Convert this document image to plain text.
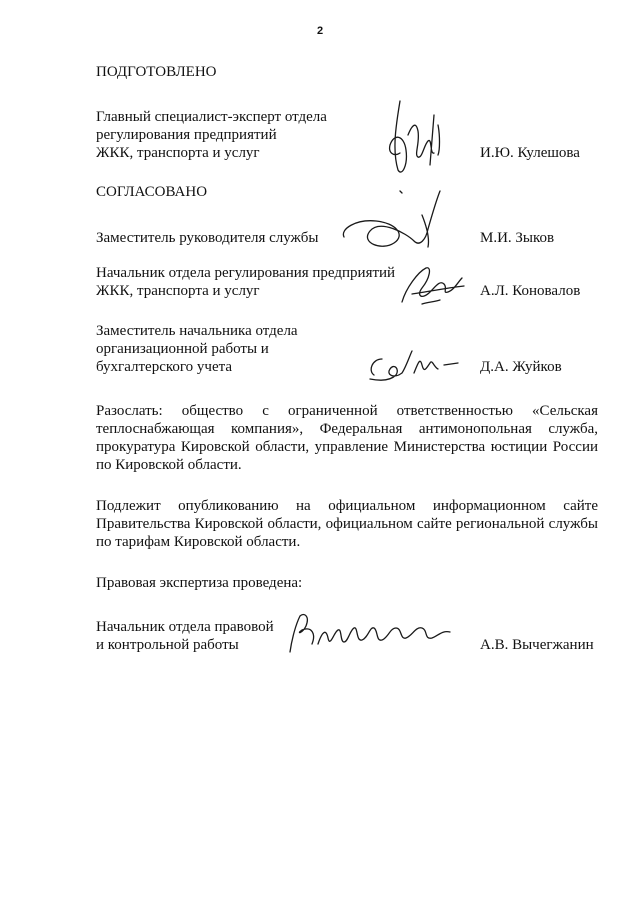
2
ПОДГОТОВЛЕНО
Главный специалист-эксперт отдела
регулирования предприятий
ЖКК, транспорта и услуг	И.Ю. Кулешова
СОГЛАСОВАНО
Заместитель руководителя службы	М.И. Зыков
Начальник отдела регулирования предприятий
ЖКК, транспорта и услуг	А.Л. Коновалов
Заместитель начальника отдела
организационной работы и
бухгалтерского учета	Д.А. Жуйков
Разослать: общество с ограниченной ответственностью «Сельская
теплоснабжающая компания», Федеральная антимонопольная служба,
прокуратура Кировской области, управление Министерства юстиции России
по Кировской области.
Подлежит опубликованию на официальном информационном сайте
Правительства Кировской области, официальном сайте региональной службы
по тарифам Кировской области.
Правовая экспертиза проведена:
Начальник отдела правовой
и контрольной работы	А.В. Вычегжанин
